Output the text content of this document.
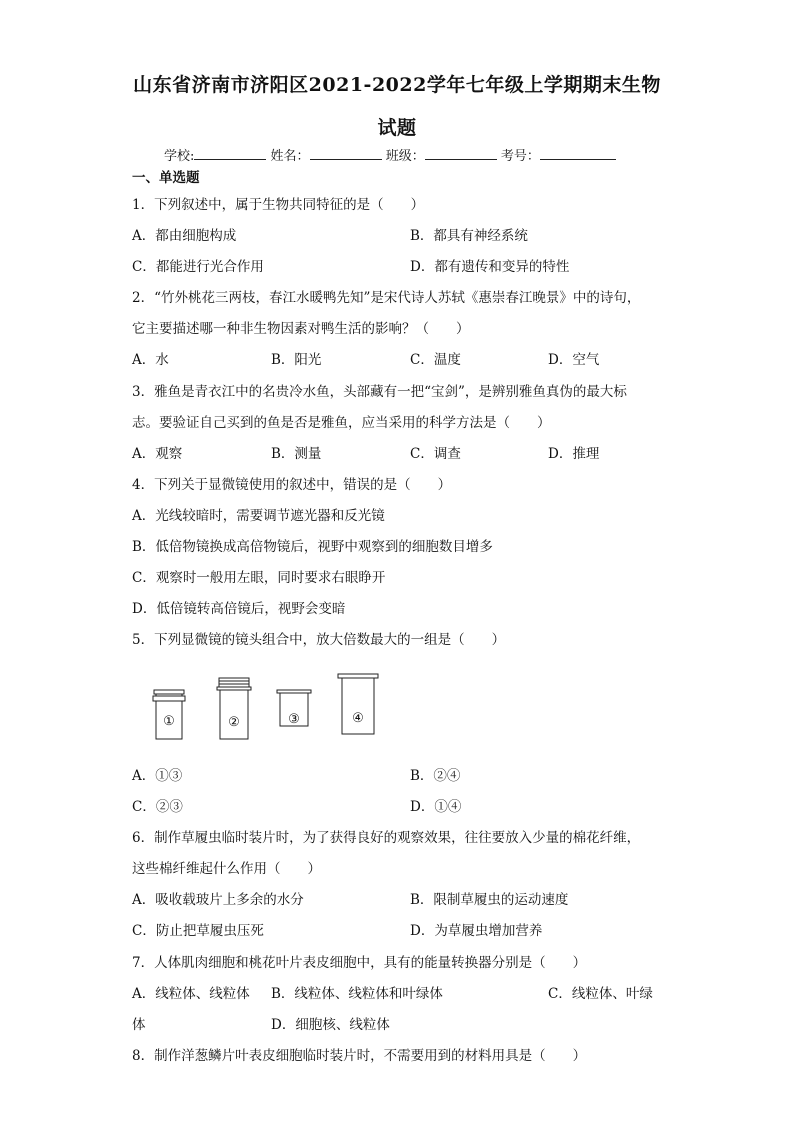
山东省济南市济阳区2021-2022学年七年级上学期期末生物
试题
学校:	姓名：	班级：	考号：
一、单选题
1．下列叙述中，属于生物共同特征的是（　　）
A．都由细胞构成	B．都具有神经系统
C．都能进行光合作用	D．都有遗传和变异的特性
2．“竹外桃花三两枝，春江水暖鸭先知”是宋代诗人苏轼《惠崇春江晚景》中的诗句，
它主要描述哪一种非生物因素对鸭生活的影响？（　　）
A．水	B．阳光	C．温度	D．空气
3．雅鱼是青衣江中的名贵冷水鱼，头部藏有一把“宝剑”，是辨别雅鱼真伪的最大标
志。要验证自己买到的鱼是否是雅鱼，应当采用的科学方法是（　　）
A．观察	B．测量	C．调查	D．推理
4．下列关于显微镜使用的叙述中，错误的是（　　）
A．光线较暗时，需要调节遮光器和反光镜
B．低倍物镜换成高倍物镜后，视野中观察到的细胞数目增多
C．观察时一般用左眼，同时要求右眼睁开
D．低倍镜转高倍镜后，视野会变暗
5．下列显微镜的镜头组合中，放大倍数最大的一组是（　　）
①	②	③	④
A．①③	B．②④
C．②③	D．①④
6．制作草履虫临时装片时，为了获得良好的观察效果，往往要放入少量的棉花纤维，
这些棉纤维起什么作用（　　）
A．吸收载玻片上多余的水分	B．限制草履虫的运动速度
C．防止把草履虫压死	D．为草履虫增加营养
7．人体肌肉细胞和桃花叶片表皮细胞中，具有的能量转换器分别是（　　）
A．线粒体、线粒体 B．线粒体、线粒体和叶绿体	C．线粒体、叶绿
体	D．细胞核、线粒体
8．制作洋葱鳞片叶表皮细胞临时装片时，不需要用到的材料用具是（　　）
